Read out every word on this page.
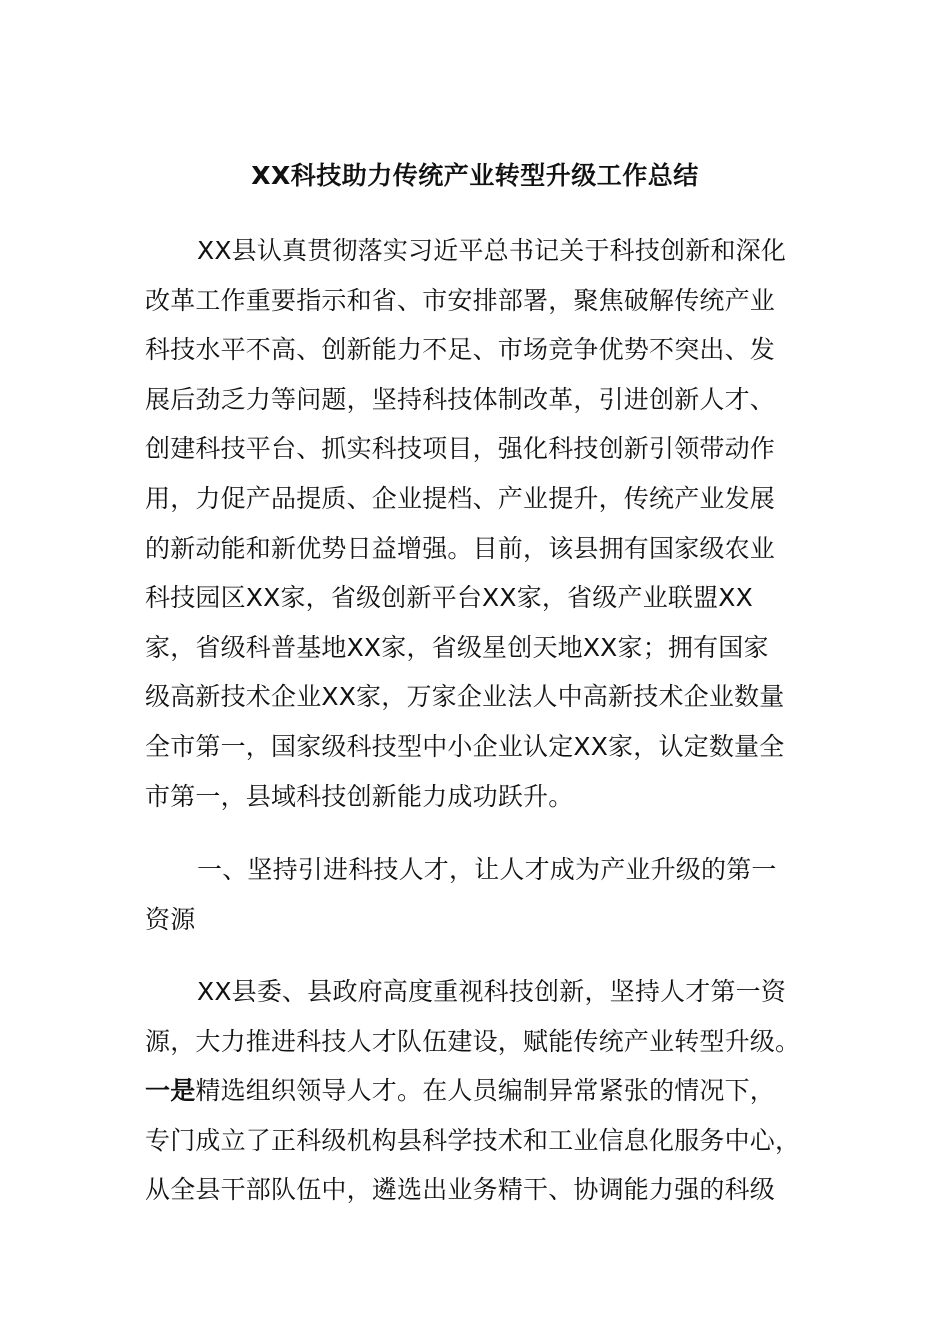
XX科技助力传统产业转型升级工作总结
XX县认真贯彻落实习近平总书记关于科技创新和深化
改革工作重要指示和省、市安排部署，聚焦破解传统产业
科技水平不高、创新能力不足、市场竞争优势不突出、发
展后劲乏力等问题，坚持科技体制改革，引进创新人才、
创建科技平台、抓实科技项目，强化科技创新引领带动作
用，力促产品提质、企业提档、产业提升，传统产业发展
的新动能和新优势日益增强。目前，该县拥有国家级农业
科技园区XX家，省级创新平台XX家，省级产业联盟XX
家，省级科普基地XX家，省级星创天地XX家；拥有国家
级高新技术企业XX家，万家企业法人中高新技术企业数量
全市第一，国家级科技型中小企业认定XX家，认定数量全
市第一，县域科技创新能力成功跃升。
一、坚持引进科技人才，让人才成为产业升级的第一
资源
XX县委、县政府高度重视科技创新，坚持人才第一资
源，大力推进科技人才队伍建设，赋能传统产业转型升级。
一是精选组织领导人才。在人员编制异常紧张的情况下，
专门成立了正科级机构县科学技术和工业信息化服务中心，
从全县干部队伍中，遴选出业务精干、协调能力强的科级
